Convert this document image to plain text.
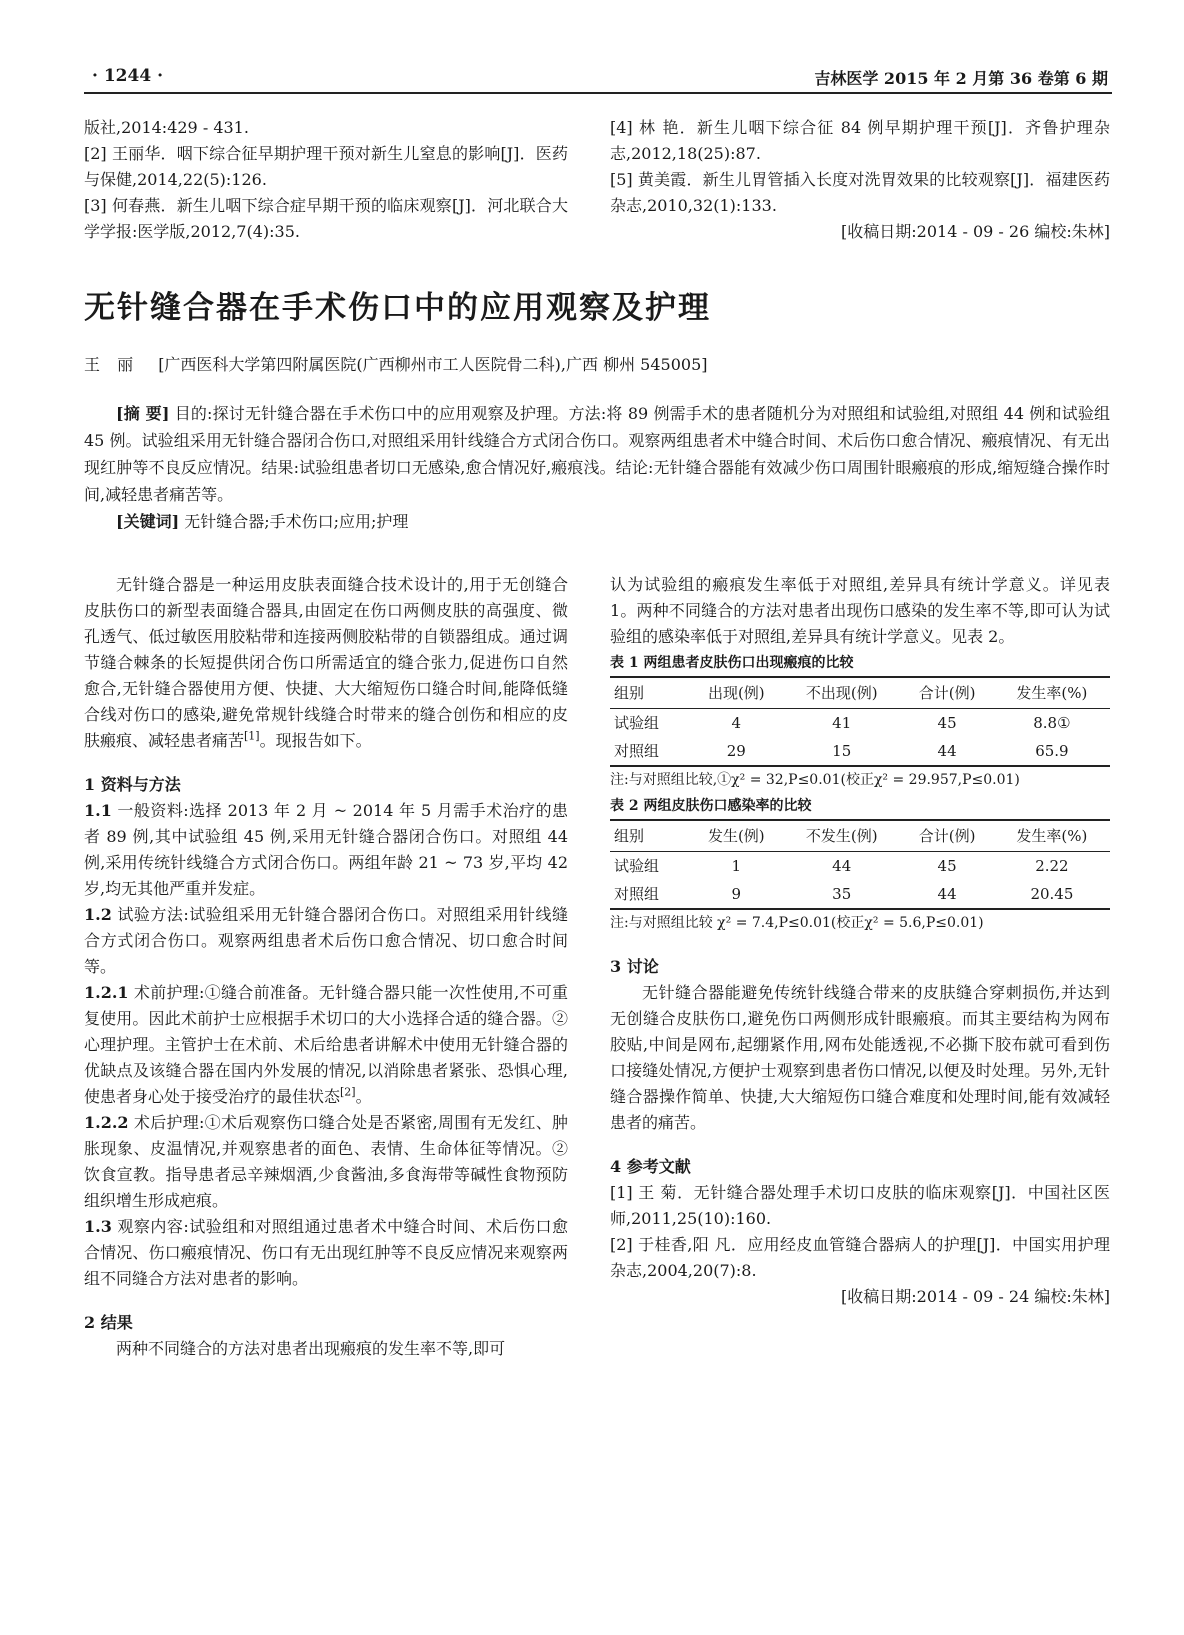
· 1244 ·	吉林医学 2015 年 2 月第 36 卷第 6 期

版社,2014:429 - 431.

[2] 王丽华．咽下综合征早期护理干预对新生儿窒息的影响[J]．医药与保健,2014,22(5):126.

[3] 何春燕．新生儿咽下综合症早期干预的临床观察[J]．河北联合大学学报:医学版,2012,7(4):35.

[4] 林 艳．新生儿咽下综合征 84 例早期护理干预[J]．齐鲁护理杂志,2012,18(25):87.

[5] 黄美霞．新生儿胃管插入长度对洗胃效果的比较观察[J]．福建医药杂志,2010,32(1):133.

[收稿日期:2014 - 09 - 26 编校:朱林]

无针缝合器在手术伤口中的应用观察及护理
王 丽 [广西医科大学第四附属医院(广西柳州市工人医院骨二科),广西 柳州 545005]

[摘 要] 目的:探讨无针缝合器在手术伤口中的应用观察及护理。方法:将 89 例需手术的患者随机分为对照组和试验组,对照组 44 例和试验组 45 例。试验组采用无针缝合器闭合伤口,对照组采用针线缝合方式闭合伤口。观察两组患者术中缝合时间、术后伤口愈合情况、瘢痕情况、有无出现红肿等不良反应情况。结果:试验组患者切口无感染,愈合情况好,瘢痕浅。结论:无针缝合器能有效减少伤口周围针眼瘢痕的形成,缩短缝合操作时间,减轻患者痛苦等。

[关键词] 无针缝合器;手术伤口;应用;护理

无针缝合器是一种运用皮肤表面缝合技术设计的,用于无创缝合皮肤伤口的新型表面缝合器具,由固定在伤口两侧皮肤的高强度、微孔透气、低过敏医用胶粘带和连接两侧胶粘带的自锁器组成。通过调节缝合棘条的长短提供闭合伤口所需适宜的缝合张力,促进伤口自然愈合,无针缝合器使用方便、快捷、大大缩短伤口缝合时间,能降低缝合线对伤口的感染,避免常规针线缝合时带来的缝合创伤和相应的皮肤瘢痕、减轻患者痛苦[1]。现报告如下。

1 资料与方法

1.1 一般资料:选择 2013 年 2 月 ~ 2014 年 5 月需手术治疗的患者 89 例,其中试验组 45 例,采用无针缝合器闭合伤口。对照组 44 例,采用传统针线缝合方式闭合伤口。两组年龄 21 ~ 73 岁,平均 42 岁,均无其他严重并发症。

1.2 试验方法:试验组采用无针缝合器闭合伤口。对照组采用针线缝合方式闭合伤口。观察两组患者术后伤口愈合情况、切口愈合时间等。

1.2.1 术前护理:①缝合前准备。无针缝合器只能一次性使用,不可重复使用。因此术前护士应根据手术切口的大小选择合适的缝合器。②心理护理。主管护士在术前、术后给患者讲解术中使用无针缝合器的优缺点及该缝合器在国内外发展的情况,以消除患者紧张、恐惧心理,使患者身心处于接受治疗的最佳状态[2]。

1.2.2 术后护理:①术后观察伤口缝合处是否紧密,周围有无发红、肿胀现象、皮温情况,并观察患者的面色、表情、生命体征等情况。②饮食宣教。指导患者忌辛辣烟酒,少食酱油,多食海带等碱性食物预防组织增生形成疤痕。

1.3 观察内容:试验组和对照组通过患者术中缝合时间、术后伤口愈合情况、伤口瘢痕情况、伤口有无出现红肿等不良反应情况来观察两组不同缝合方法对患者的影响。

2 结果

两种不同缝合的方法对患者出现瘢痕的发生率不等,即可

认为试验组的瘢痕发生率低于对照组,差异具有统计学意义。详见表 1。两种不同缝合的方法对患者出现伤口感染的发生率不等,即可认为试验组的感染率低于对照组,差异具有统计学意义。见表 2。

表 1 两组患者皮肤伤口出现瘢痕的比较

组别	出现(例)	不出现(例)	合计(例)	发生率(%)
试验组	4	41	45	8.8①
对照组	29	15	44	65.9

注:与对照组比较,①χ² = 32,P≤0.01(校正χ² = 29.957,P≤0.01)

表 2 两组皮肤伤口感染率的比较

组别	发生(例)	不发生(例)	合计(例)	发生率(%)
试验组	1	44	45	2.22
对照组	9	35	44	20.45

注:与对照组比较 χ² = 7.4,P≤0.01(校正χ² = 5.6,P≤0.01)

3 讨论

无针缝合器能避免传统针线缝合带来的皮肤缝合穿刺损伤,并达到无创缝合皮肤伤口,避免伤口两侧形成针眼瘢痕。而其主要结构为网布胶贴,中间是网布,起绷紧作用,网布处能透视,不必撕下胶布就可看到伤口接缝处情况,方便护士观察到患者伤口情况,以便及时处理。另外,无针缝合器操作简单、快捷,大大缩短伤口缝合难度和处理时间,能有效减轻患者的痛苦。

4 参考文献

[1] 王 菊．无针缝合器处理手术切口皮肤的临床观察[J]．中国社区医师,2011,25(10):160.

[2] 于桂香,阳 凡．应用经皮血管缝合器病人的护理[J]．中国实用护理杂志,2004,20(7):8.

[收稿日期:2014 - 09 - 24 编校:朱林]
